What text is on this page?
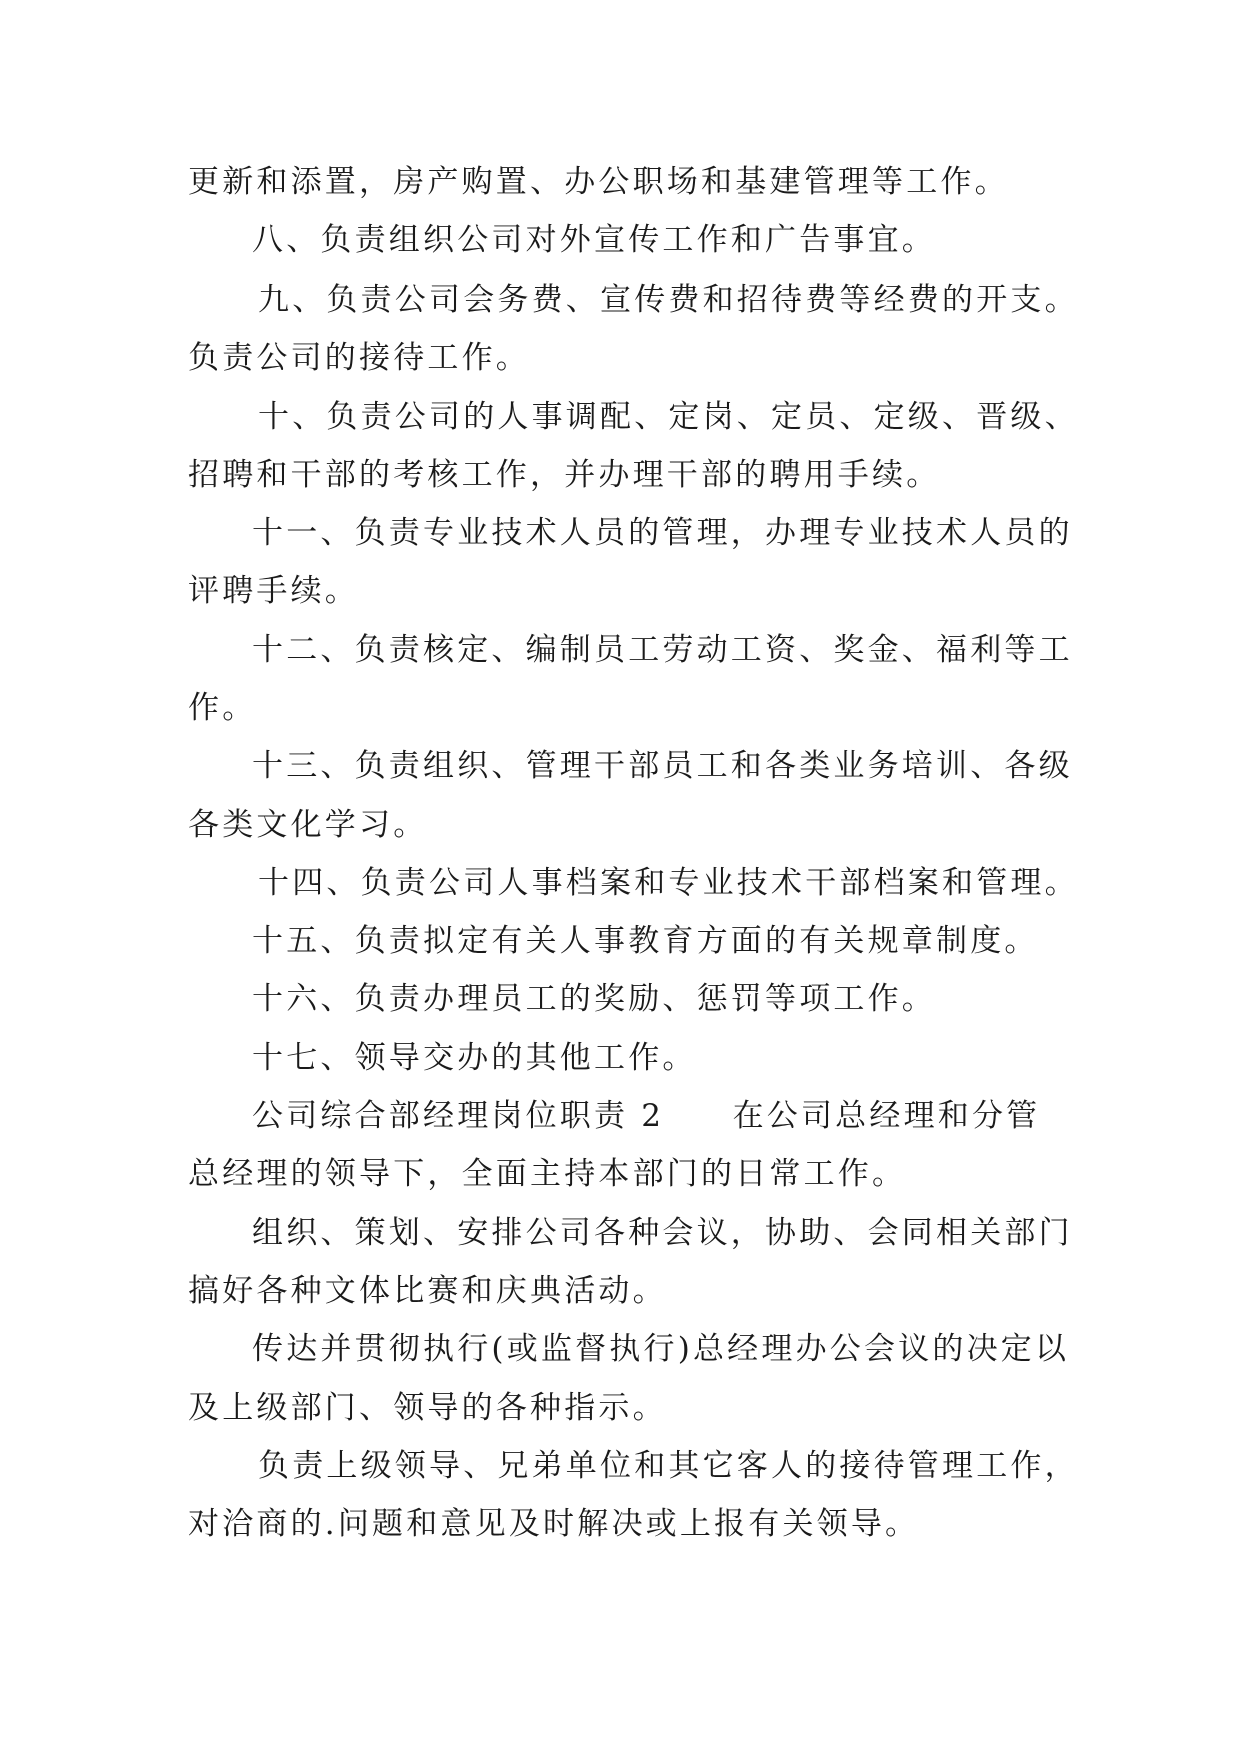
更新和添置，房产购置、办公职场和基建管理等工作。
八、负责组织公司对外宣传工作和广告事宜。
九、负责公司会务费、宣传费和招待费等经费的开支。
负责公司的接待工作。
十、负责公司的人事调配、定岗、定员、定级、晋级、
招聘和干部的考核工作，并办理干部的聘用手续。
十一、负责专业技术人员的管理，办理专业技术人员的
评聘手续。
十二、负责核定、编制员工劳动工资、奖金、福利等工
作。
十三、负责组织、管理干部员工和各类业务培训、各级
各类文化学习。
十四、负责公司人事档案和专业技术干部档案和管理。
十五、负责拟定有关人事教育方面的有关规章制度。
十六、负责办理员工的奖励、惩罚等项工作。
十七、领导交办的其他工作。
公司综合部经理岗位职责 2　　在公司总经理和分管
总经理的领导下，全面主持本部门的日常工作。
组织、策划、安排公司各种会议，协助、会同相关部门
搞好各种文体比赛和庆典活动。
传达并贯彻执行(或监督执行)总经理办公会议的决定以
及上级部门、领导的各种指示。
负责上级领导、兄弟单位和其它客人的接待管理工作，
对洽商的.问题和意见及时解决或上报有关领导。
